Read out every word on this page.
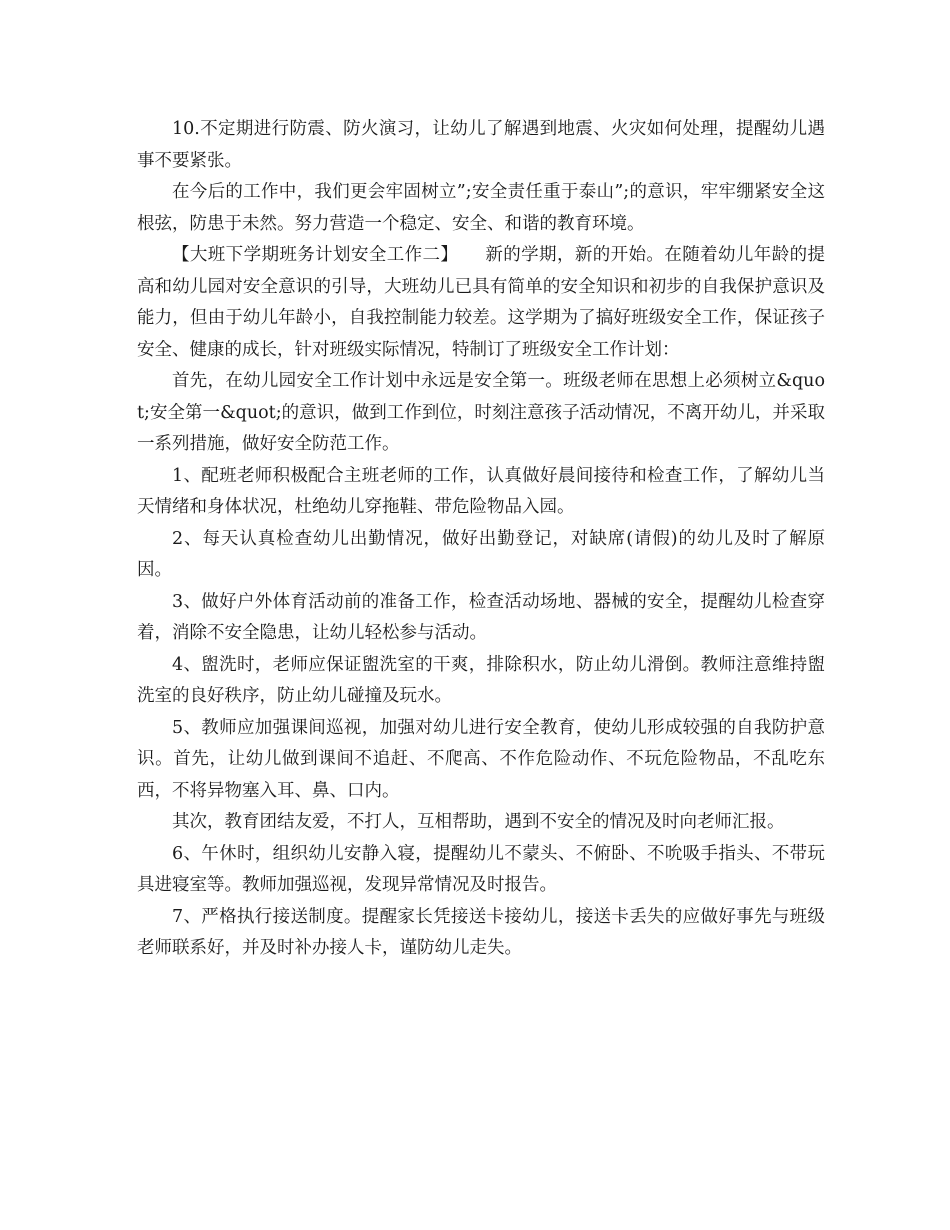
10.不定期进行防震、防火演习，让幼儿了解遇到地震、火灾如何处理，提醒幼儿遇事不要紧张。

在今后的工作中，我们更会牢固树立”;安全责任重于泰山”;的意识，牢牢绷紧安全这根弦，防患于未然。努力营造一个稳定、安全、和谐的教育环境。

【大班下学期班务计划安全工作二】　　新的学期，新的开始。在随着幼儿年龄的提高和幼儿园对安全意识的引导，大班幼儿已具有简单的安全知识和初步的自我保护意识及能力，但由于幼儿年龄小，自我控制能力较差。这学期为了搞好班级安全工作，保证孩子安全、健康的成长，针对班级实际情况，特制订了班级安全工作计划：

首先，在幼儿园安全工作计划中永远是安全第一。班级老师在思想上必须树立&quot;安全第一&quot;的意识，做到工作到位，时刻注意孩子活动情况，不离开幼儿，并采取一系列措施，做好安全防范工作。

1、配班老师积极配合主班老师的工作，认真做好晨间接待和检查工作，了解幼儿当天情绪和身体状况，杜绝幼儿穿拖鞋、带危险物品入园。

2、每天认真检查幼儿出勤情况，做好出勤登记，对缺席(请假)的幼儿及时了解原因。

3、做好户外体育活动前的准备工作，检查活动场地、器械的安全，提醒幼儿检查穿着，消除不安全隐患，让幼儿轻松参与活动。

4、盥洗时，老师应保证盥洗室的干爽，排除积水，防止幼儿滑倒。教师注意维持盥洗室的良好秩序，防止幼儿碰撞及玩水。

5、教师应加强课间巡视，加强对幼儿进行安全教育，使幼儿形成较强的自我防护意识。首先，让幼儿做到课间不追赶、不爬高、不作危险动作、不玩危险物品，不乱吃东西，不将异物塞入耳、鼻、口内。

其次，教育团结友爱，不打人，互相帮助，遇到不安全的情况及时向老师汇报。

6、午休时，组织幼儿安静入寝，提醒幼儿不蒙头、不俯卧、不吮吸手指头、不带玩具进寝室等。教师加强巡视，发现异常情况及时报告。

7、严格执行接送制度。提醒家长凭接送卡接幼儿，接送卡丢失的应做好事先与班级老师联系好，并及时补办接人卡，谨防幼儿走失。
